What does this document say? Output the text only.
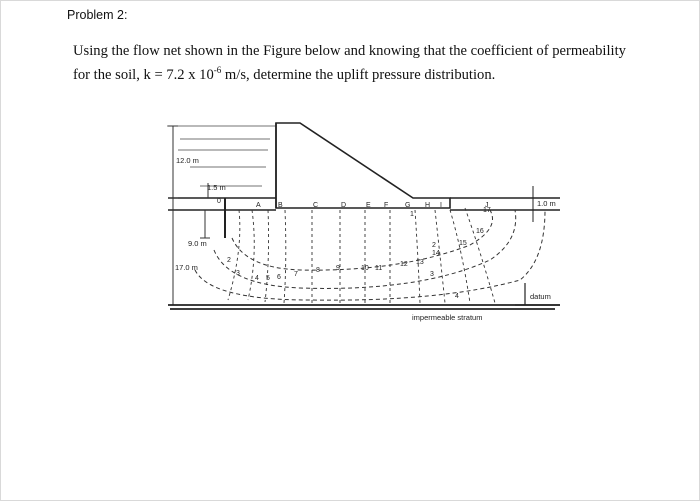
Problem 2:
Using the flow net shown in the Figure below and knowing that the coefficient of permeability
for the soil, k = 7.2 x $10^{-6}$ m/s, determine the uplift pressure distribution.
A B	C	D	E F G H I	J
0
2
3
4 5 6 7
8 9	10 11
12 13
14
15
16
17
1
2
3
4
12.0 m
1.5 m
9.0 m
17.0 m
1.0 m
datum
impermeable stratum
